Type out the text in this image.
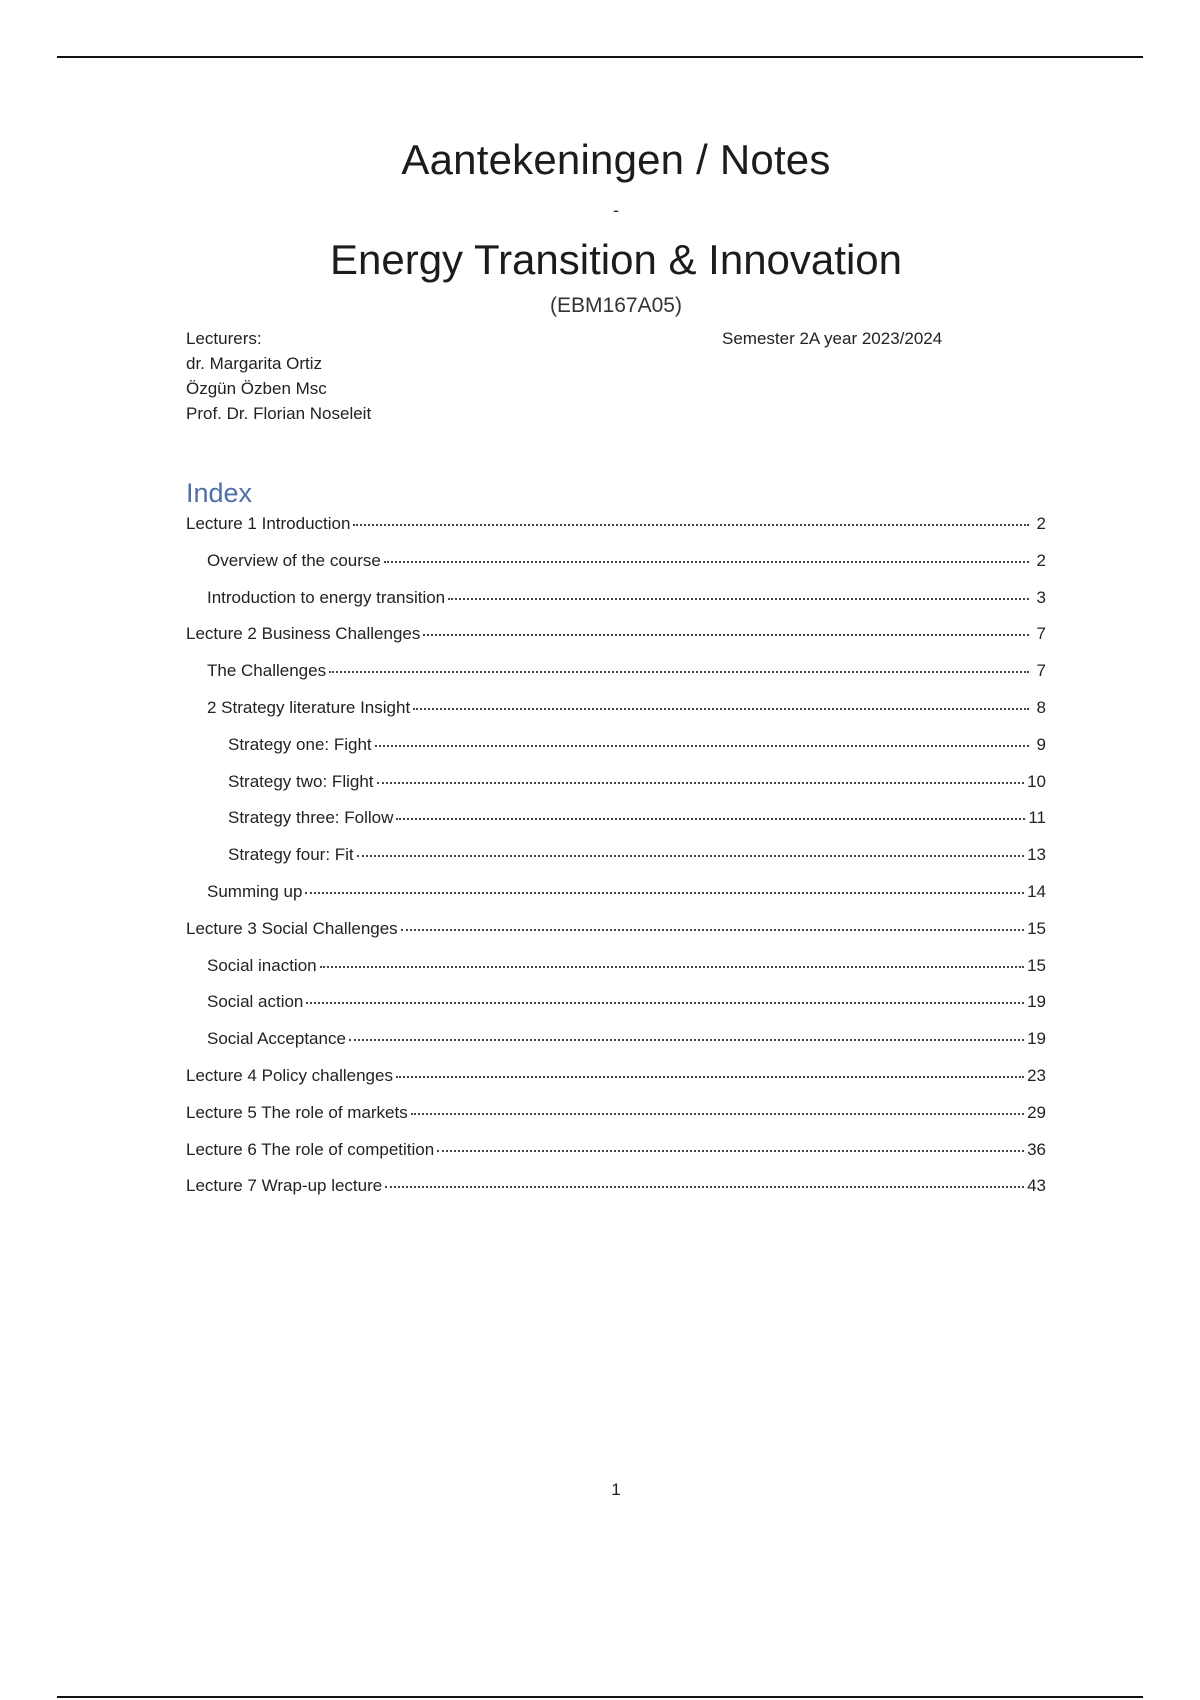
Aantekeningen / Notes
-
Energy Transition & Innovation
(EBM167A05)
Lecturers:
dr. Margarita Ortiz
Özgün Özben Msc
Prof. Dr. Florian Noseleit
Semester 2A year 2023/2024
Index
Lecture 1 Introduction	2
Overview of the course	2
Introduction to energy transition	3
Lecture 2 Business Challenges	7
The Challenges	7
2 Strategy literature Insight	8
Strategy one: Fight	9
Strategy two: Flight	10
Strategy three: Follow	11
Strategy four: Fit	13
Summing up	14
Lecture 3 Social Challenges	15
Social inaction	15
Social action	19
Social Acceptance	19
Lecture 4 Policy challenges	23
Lecture 5 The role of markets	29
Lecture 6 The role of competition	36
Lecture 7 Wrap-up lecture	43
1
